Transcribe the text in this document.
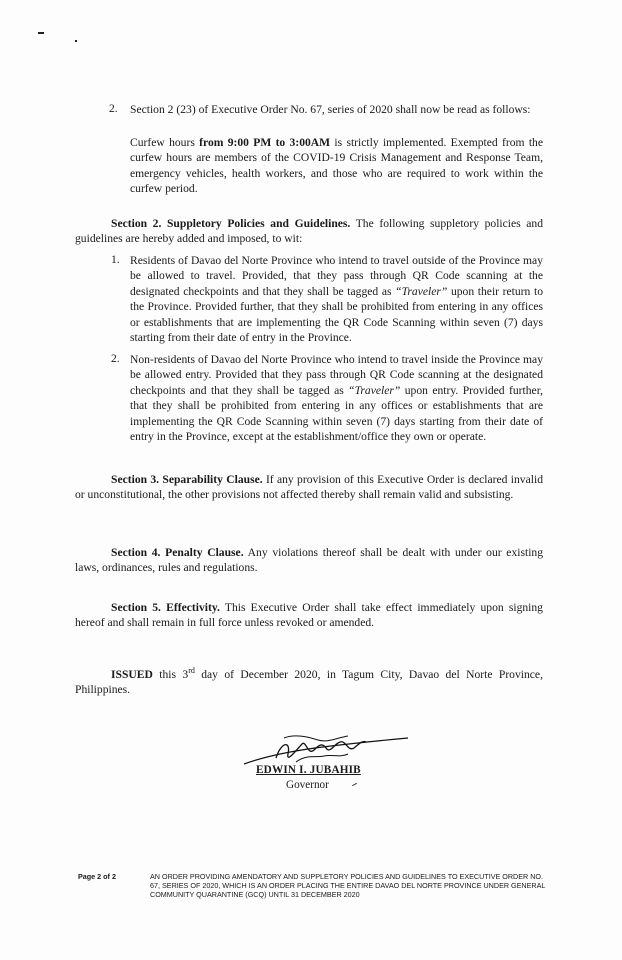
2. Section 2 (23) of Executive Order No. 67, series of 2020 shall now be read as follows:
Curfew hours from 9:00 PM to 3:00AM is strictly implemented. Exempted from the curfew hours are members of the COVID-19 Crisis Management and Response Team, emergency vehicles, health workers, and those who are required to work within the curfew period.
Section 2. Suppletory Policies and Guidelines. The following suppletory policies and guidelines are hereby added and imposed, to wit:
1. Residents of Davao del Norte Province who intend to travel outside of the Province may be allowed to travel. Provided, that they pass through QR Code scanning at the designated checkpoints and that they shall be tagged as “Traveler” upon their return to the Province. Provided further, that they shall be prohibited from entering in any offices or establishments that are implementing the QR Code Scanning within seven (7) days starting from their date of entry in the Province.
2. Non-residents of Davao del Norte Province who intend to travel inside the Province may be allowed entry. Provided that they pass through QR Code scanning at the designated checkpoints and that they shall be tagged as “Traveler” upon entry. Provided further, that they shall be prohibited from entering in any offices or establishments that are implementing the QR Code Scanning within seven (7) days starting from their date of entry in the Province, except at the establishment/office they own or operate.
Section 3. Separability Clause. If any provision of this Executive Order is declared invalid or unconstitutional, the other provisions not affected thereby shall remain valid and subsisting.
Section 4. Penalty Clause. Any violations thereof shall be dealt with under our existing laws, ordinances, rules and regulations.
Section 5. Effectivity. This Executive Order shall take effect immediately upon signing hereof and shall remain in full force unless revoked or amended.
ISSUED this 3rd day of December 2020, in Tagum City, Davao del Norte Province, Philippines.
EDWIN I. JUBAHIB
Governor
Page 2 of 2	AN ORDER PROVIDING AMENDATORY AND SUPPLETORY POLICIES AND GUIDELINES TO EXECUTIVE ORDER NO. 67, SERIES OF 2020, WHICH IS AN ORDER PLACING THE ENTIRE DAVAO DEL NORTE PROVINCE UNDER GENERAL COMMUNITY QUARANTINE (GCQ) UNTIL 31 DECEMBER 2020
